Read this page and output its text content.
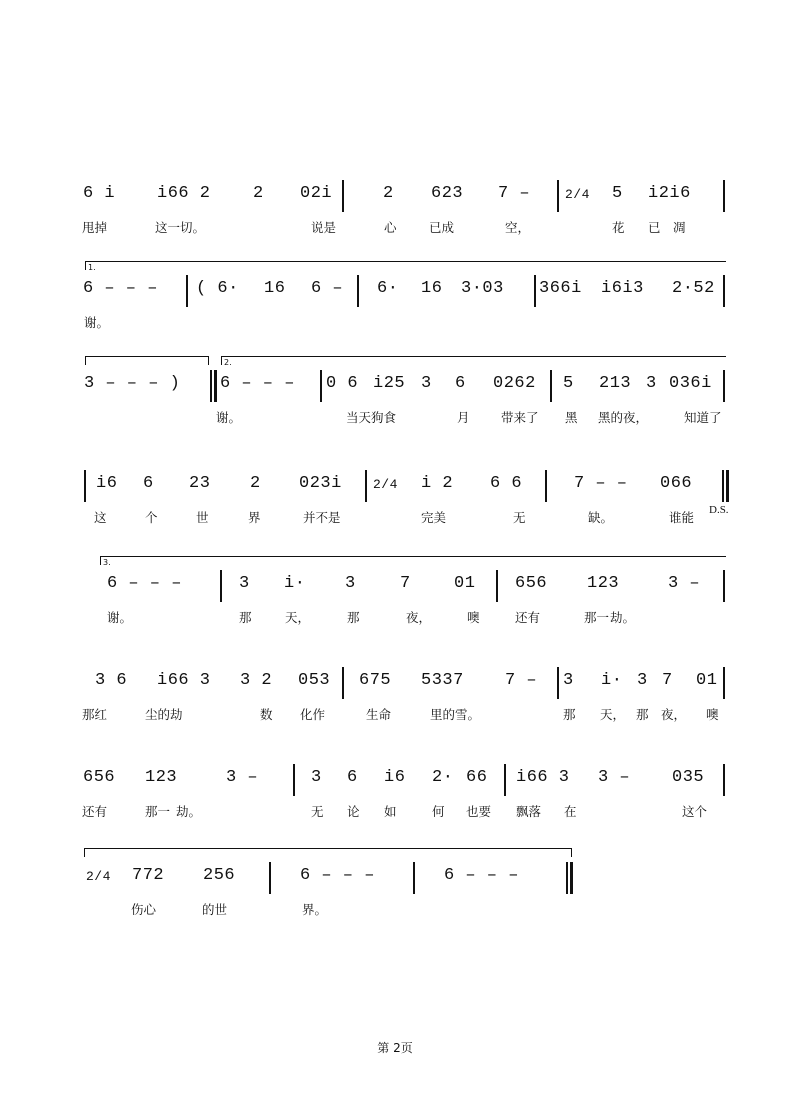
6 i

i66 2

2

02i

	2

623

7 –

	2/4

5

i2i6

甩掉

	这一切。

	说是

	心

	已成

	空，

	花

已

凋

1.

6 – – –

( 6·

16

6 –

6·

16

3·03

366i

i6i3

2·52

谢。

2.

3 – – – )

6 – – –

0 6

i25

3

6

0262

5

213

3

036i

谢。

	当天狗食

	月

	带来了

黑

黑的夜，

	知道了

i6

6

23

2

023i

2/4

i 2

6 6

	7 – –

066

D.S.

这

	个

	世

	界

	并不是

	完美

	无

	缺。

	谁能

3.

6 – – –

	3

i·

3

	7

	01

656

123

	3 –

谢。

	那

	天，

	那

	夜，

	噢

	还有

	那一

劫。

3 6

i66 3

3 2

053

675

5337

7 –

3

i·

3

7

01

那红

	尘的劫

	数

化作

	生命

	里的雪。

	那

天，

那

夜，

噢

656

123

	3 –

	3

6

i6

2·

66

i66 3

3 –

035

还有

	那一

劫。

	无

论

如

	何

也要

飘落

在

	这个

2/4

772

256

	6 – – –

	6 – – –

伤心

	的世

	界。

第 2页
